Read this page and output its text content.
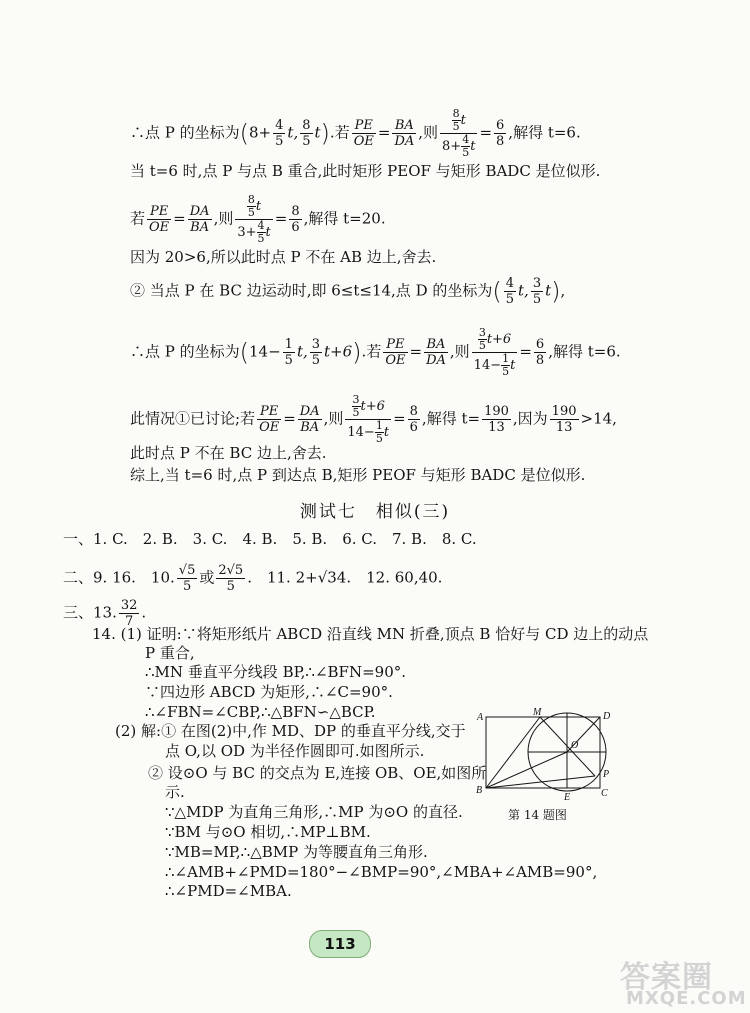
∴点 P 的坐标为($8+ \frac{4}{5} t$, $\frac{8}{5} t$).若 $\frac{PE}{OE} = \frac{BA}{DA}$ ,则 $\frac{\frac{8}{5} t}{8+ \frac{4}{5} t} = \frac{6}{8}$ ,解得 t=6.
当 t=6 时,点 P 与点 B 重合,此时矩形 PEOF 与矩形 BADC 是位似形.
若 $\frac{PE}{OE} = \frac{DA}{BA}$ ,则 $\frac{\frac{8}{5} t}{3+ \frac{4}{5} t} = \frac{8}{6}$ ,解得 t=20.
因为 20>6,所以此时点 P 不在 AB 边上,舍去.
② 当点 P 在 BC 边运动时,即 6≤t≤14,点 D 的坐标为( $\frac{4}{5} t$, $\frac{3}{5} t$),
∴点 P 的坐标为($14- \frac{1}{5} t$, $\frac{3}{5} t+6$).若 $\frac{PE}{OE} = \frac{BA}{DA}$ ,则 $\frac{\frac{3}{5} t+6}{14- \frac{1}{5} t} = \frac{6}{8}$ ,解得 t=6.
此情况①已讨论;若 $\frac{PE}{OE} = \frac{DA}{BA}$ ,则 $\frac{\frac{3}{5} t+6}{14- \frac{1}{5} t} = \frac{8}{6}$ ,解得 $t= \frac{190}{13}$ ,因为 $\frac{190}{13} >14$,
此时点 P 不在 BC 边上,舍去.
综上,当 t=6 时,点 P 到达点 B,矩形 PEOF 与矩形 BADC 是位似形.
测试七　相似(三)
一、1. C.　2. B.　3. C.　4. B.　5. B.　6. C.　7. B.　8. C.
二、9. 16.　10. $\frac{√5}{5}$ 或 $\frac{2√5}{5}$ .　11. 2+√34.　12. 60,40.
三、13. $\frac{32}{7}$ .
14. (1) 证明:∵将矩形纸片 ABCD 沿直线 MN 折叠,顶点 B 恰好与 CD 边上的动点
P 重合,
∴MN 垂直平分线段 BP,∴∠BFN=90°.
∵四边形 ABCD 为矩形,∴∠C=90°.
∴∠FBN=∠CBP,∴△BFN∽△BCP.
(2) 解:① 在图(2)中,作 MD、DP 的垂直平分线,交于
点 O,以 OD 为半径作圆即可.如图所示.
② 设⊙O 与 BC 的交点为 E,连接 OB、OE,如图所
示.
∵△MDP 为直角三角形,∴MP 为⊙O 的直径.
∵BM 与⊙O 相切,∴MP⊥BM.
∵MB=MP,∴△BMP 为等腰直角三角形.
∴∠AMB+∠PMD=180°−∠BMP=90°,∠MBA+∠AMB=90°,
∴∠PMD=∠MBA.
A	M	D
O
P
B
E	C
第 14 题图
113
答案圈
MXQE.COM
